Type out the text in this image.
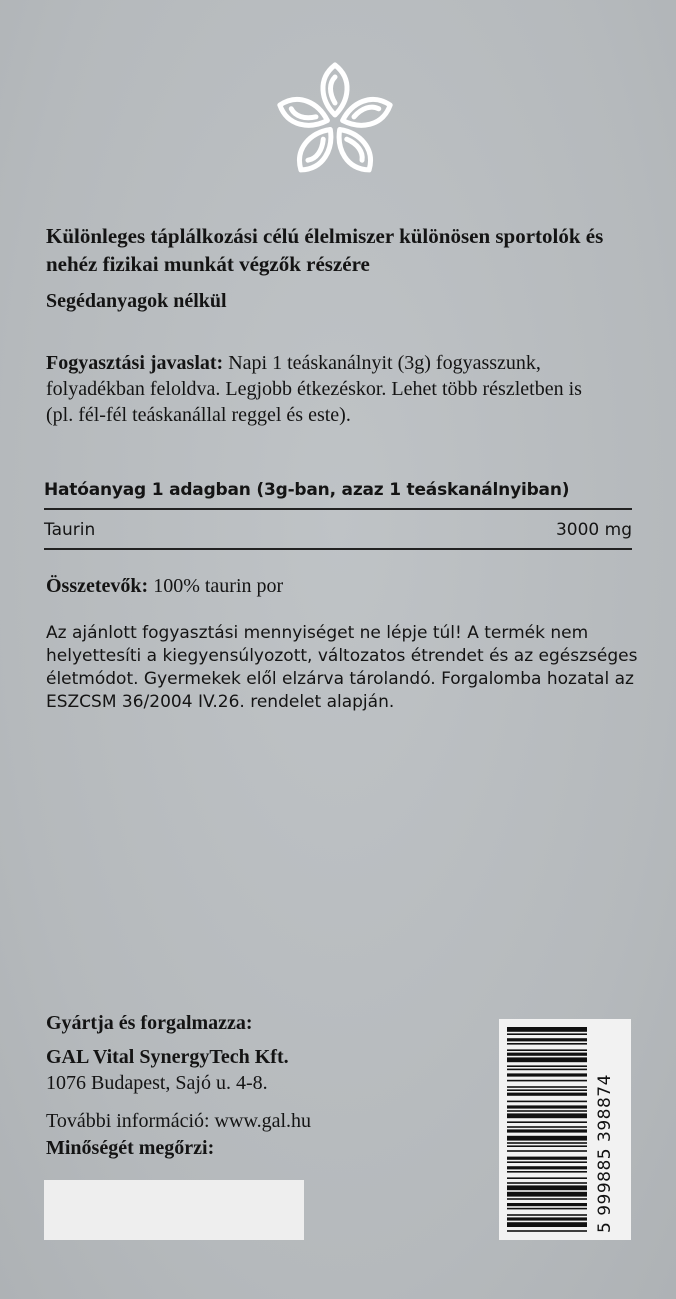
Különleges táplálkozási célú élelmiszer különösen sportolók és nehéz fizikai munkát végzők részére
Segédanyagok nélkül
Fogyasztási javaslat: Napi 1 teáskanálnyit (3g) fogyasszunk, folyadékban feloldva. Legjobb étkezéskor. Lehet több részletben is (pl. fél-fél teáskanállal reggel és este).
Hatóanyag 1 adagban (3g-ban, azaz 1 teáskanálnyiban)
Taurin	3000 mg
Összetevők: 100% taurin por
Az ajánlott fogyasztási mennyiséget ne lépje túl! A termék nem helyettesíti a kiegyensúlyozott, változatos étrendet és az egészséges életmódot. Gyermekek elől elzárva tárolandó. Forgalomba hozatal az ESZCSM 36/2004 IV.26. rendelet alapján.
Gyártja és forgalmazza:
GAL Vital SynergyTech Kft.
1076 Budapest, Sajó u. 4-8.
További információ: www.gal.hu
Minőségét megőrzi:	5 999885 398874
